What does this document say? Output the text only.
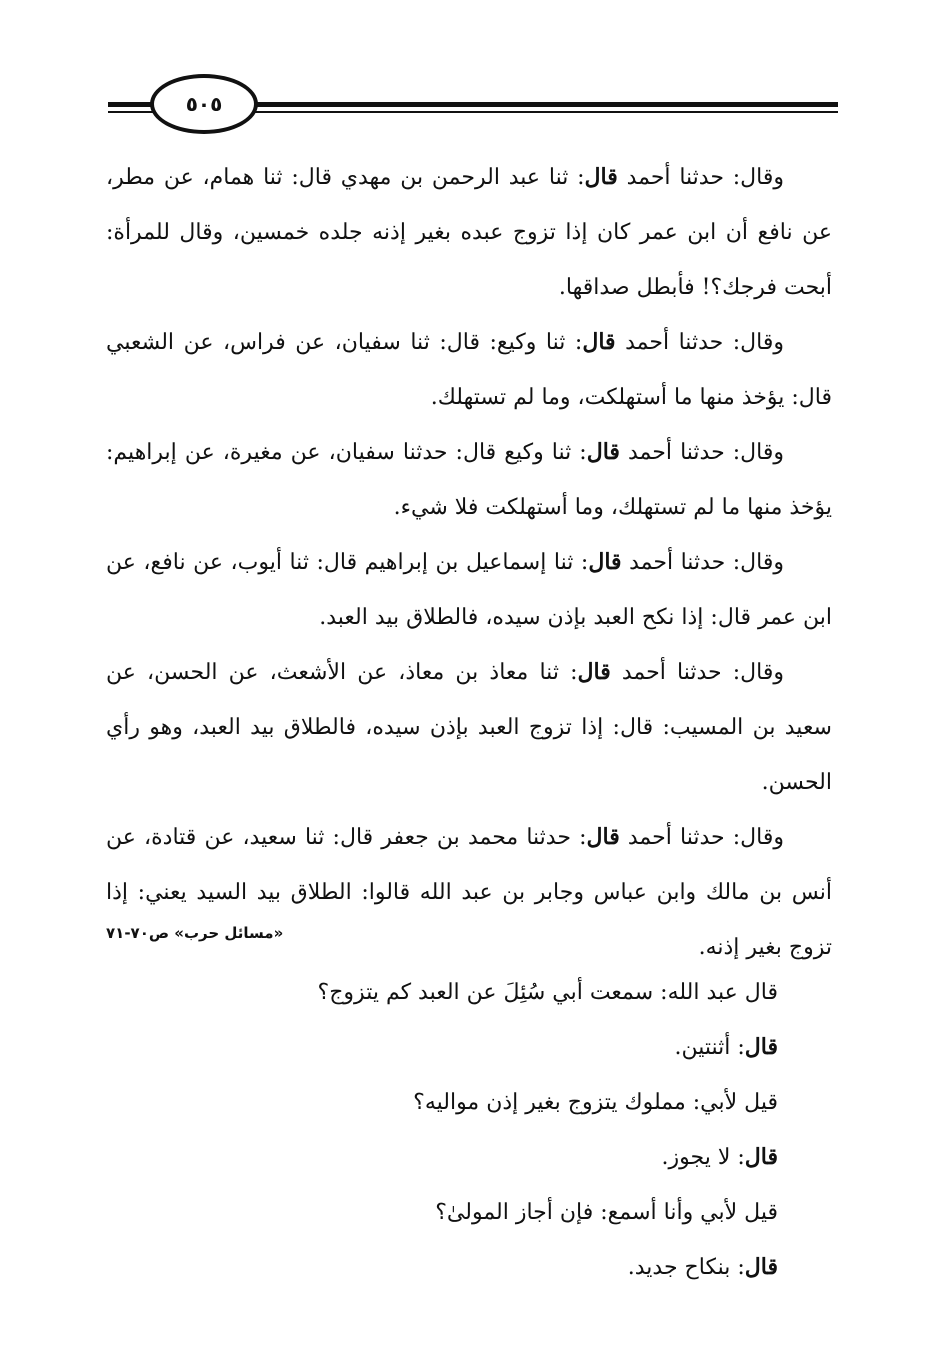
٥٠٥

وقال: حدثنا أحمد قال: ثنا عبد الرحمن بن مهدي قال: ثنا همام، عن مطر، عن نافع أن ابن عمر كان إذا تزوج عبده بغير إذنه جلده خمسين، وقال للمرأة: أبحت فرجك؟! فأبطل صداقها.

وقال: حدثنا أحمد قال: ثنا وكيع: قال: ثنا سفيان، عن فراس، عن الشعبي قال: يؤخذ منها ما أستهلكت، وما لم تستهلك.

وقال: حدثنا أحمد قال: ثنا وكيع قال: حدثنا سفيان، عن مغيرة، عن إبراهيم: يؤخذ منها ما لم تستهلك، وما أستهلكت فلا شيء.

وقال: حدثنا أحمد قال: ثنا إسماعيل بن إبراهيم قال: ثنا أيوب، عن نافع، عن ابن عمر قال: إذا نكح العبد بإذن سيده، فالطلاق بيد العبد.

وقال: حدثنا أحمد قال: ثنا معاذ بن معاذ، عن الأشعث، عن الحسن، عن سعيد بن المسيب: قال: إذا تزوج العبد بإذن سيده، فالطلاق بيد العبد، وهو رأي الحسن.

وقال: حدثنا أحمد قال: حدثنا محمد بن جعفر قال: ثنا سعيد، عن قتادة، عن أنس بن مالك وابن عباس وجابر بن عبد الله قالوا: الطلاق بيد السيد يعني: إذا تزوج بغير إذنه.

«مسائل حرب» ص٧٠-٧١

قال عبد الله: سمعت أبي سُئِلَ عن العبد كم يتزوج؟

قال: أثنتين.

قيل لأبي: مملوك يتزوج بغير إذن مواليه؟

قال: لا يجوز.

قيل لأبي وأنا أسمع: فإن أجاز المولىٰ؟

قال: بنكاح جديد.
